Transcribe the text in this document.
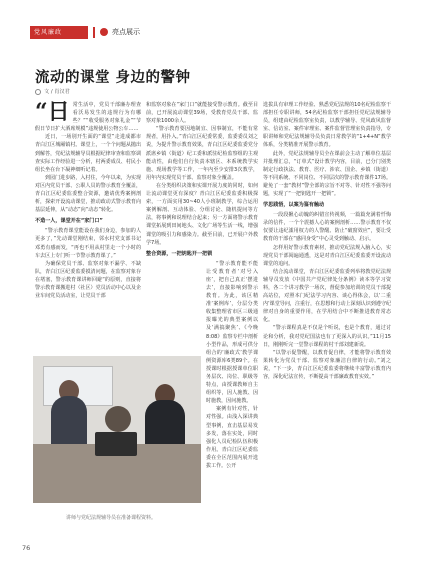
党风廉政	亮点展示
流动的课堂 身边的警钟
文 / 肖汉君

“日常生活中，党员干部廉办理查看沃易发生的违规行为有哪些？”“收受服务对象礼金”“节假日节日扩大酒席规模”违规使用公物公车……

近日，一场别开生面的“课堂”走进成都市青白江区城厢镇村。课堂上，一个个问题从抛出到解答，党纪法规辅导员根据纪律审查和监察调查实际工作经验进一分析，村两委成员、村民小组长坐在台下凝神细听记着。

到园门进步路，入村住，今年以来，为实现对区内党员干部、公职人员的警示教育全覆盖，青白江区纪委监委整合资源，邀请优秀案例剖析，探索开设流动课堂，推动政动式警示教育向基层延伸，从“动态”向“动态”转化。

不造一人，课堂开在“家门口”

“警示教育课堂能设在我们身边，参加的人更多了，”先动课堂刚结束，邻水村党支部书记邓勇有感而发，“再也不用从村里走一个小时的车去区上专门听一节警示教育课了。”

为确保党员干部、监察对象不漏学、不缺队，青白江区纪委监委摸清问题，在监察对象存在堵塞，警示教育课讲师回避“的原则，直接将警示教育课搬进村（社区）党员活动中心以及企业车间党员活动室，让党员干部

和监察对象在“家门口”就能接受警示教育。截至目前，已开展流动课堂39场，受教育党员干部、监察对象1000余人。

“警示教育要因地制宜、因事制宜，不能有常规者，用扑入。”青白江区纪委常委，监委委员刘之说，为提升警示教育效果，青白江区纪委监委党分派席乡镇（街道）纪工委和派驻纪检监察组的主观能动性，由他们自行负责本辖区、本系统教学实施、现场教学等工作，一年内至少安排3次教学，用年内实现党员干部、监察对象全覆盖。

在分类组织决策和实课开展力度的同时，如何让流动课堂更有深度？青白江区纪委监委积极探索，一方面实用30~40人小班制教学，综合运用案例解剖、互动体验、分组讨论、随机提问等方法，将事例和说理结合起来；另一方面将警示教育课堂拓展到田间地头、文化广场等生活一线，增强课堂的吸引力和感染力。截至目前，已开展户外教学7场。

整合资源，一把钥匙开一把锁

“警示教育能不能让受教育者‘对号入座’，把自己真正‘摆进去’，直接影响到警示教育。为此，该区精准‘案例库’，分层分类收集整理省市区三级通报曝光的典型案例以及‘满搞聚焦’、《今晚8:08》监察专栏中剖析小型作品，形成可供分组合的‘廉政式’教学课例资源库6类89个。在授课时根据授课单位职务层次、岗位、职级等特点，由授课教师自主组织等，因人施教、因时施教，因问施教。

案例有针对性，针对性强。由浅入深讲典型事例，直击基层易发多发，落在实处，同时强化人员纪检队伍积极作用。青白江区纪委监委在全区范围内展开选拔工作。公开

选拔具有审理工作经验、熟悉党纪法规的10名纪检监察干部担任专职讲师，54名纪检监察干部担任党纪法规辅导员，组建由纪检监察室负责，以教学辅导、党风政风监督室、信访室、案件审理室、案件监督管理室负责指导，专职讲师和党纪法规辅导员负责日常教学的“1+4+N”教学体系，分类精准开展警示教育。

此外，党纪法规辅导员全在课前会主动了解单位基层并批理汇总，“订单式”设计教学内容，目前，已分门别类制定行政执法、教育、医疗、涉农、国企、乡镇（街道）等不同系统、不同岗位、不同层次的警示教育课件17场。避免了一套“教材”警全部的宗旨不对等、针对性不强等问题，实现了“一把钥匙开一把锁”。

学思践悟，以案为鉴有触动

一段段揪心动魄的纠错宣传视频，一篇篇充满着忏悔录的信件，一个个震撼人心的案例剖析……警示教育不仅仅要让违纪滥用权力的人警醒、防止“破窗效应”，要让受教育的干部在“感同身受”中心灵受到触动、启示。

怎样用好警示教育素材，推动党纪法规入脑入心，实现党员干部阅遍通透，这是对青白江区纪委监委开设流动课堂的追问。

结合流动课堂，青白江区纪委监委列举将教党纪法规辅导员发放《中国共产党纪律处分条例》读本等学习资料，各二个讲习教学一场次，督促参加培训的党员干部提高站位，对照本门纪法学习内容、谈心得体会，以‘二重内’课堂导问，注重行，在思想和行动上深刻认识到遵守纪律对自身的重要作用，在学用结合中不断推进教育常态化。

“警示课程真是不仅是个听说，也是个教育，通过讨论和分析，我对党纪国法也有了更深入的认识。”11月15日，刚刚听完一堂警示课程的村干部刘建新说。

“以警示促警醒，以教育促自律，才能将警示教育效果转化为党员干部、监察对象廉洁自律的行动。”刘之说，“下一步，青白江区纪委监委将继续丰富警示教育内容，深化纪法宣传，不断提高干部廉政教育实效。”

讲师与党纪法规辅导员在准备课程资料。
76
